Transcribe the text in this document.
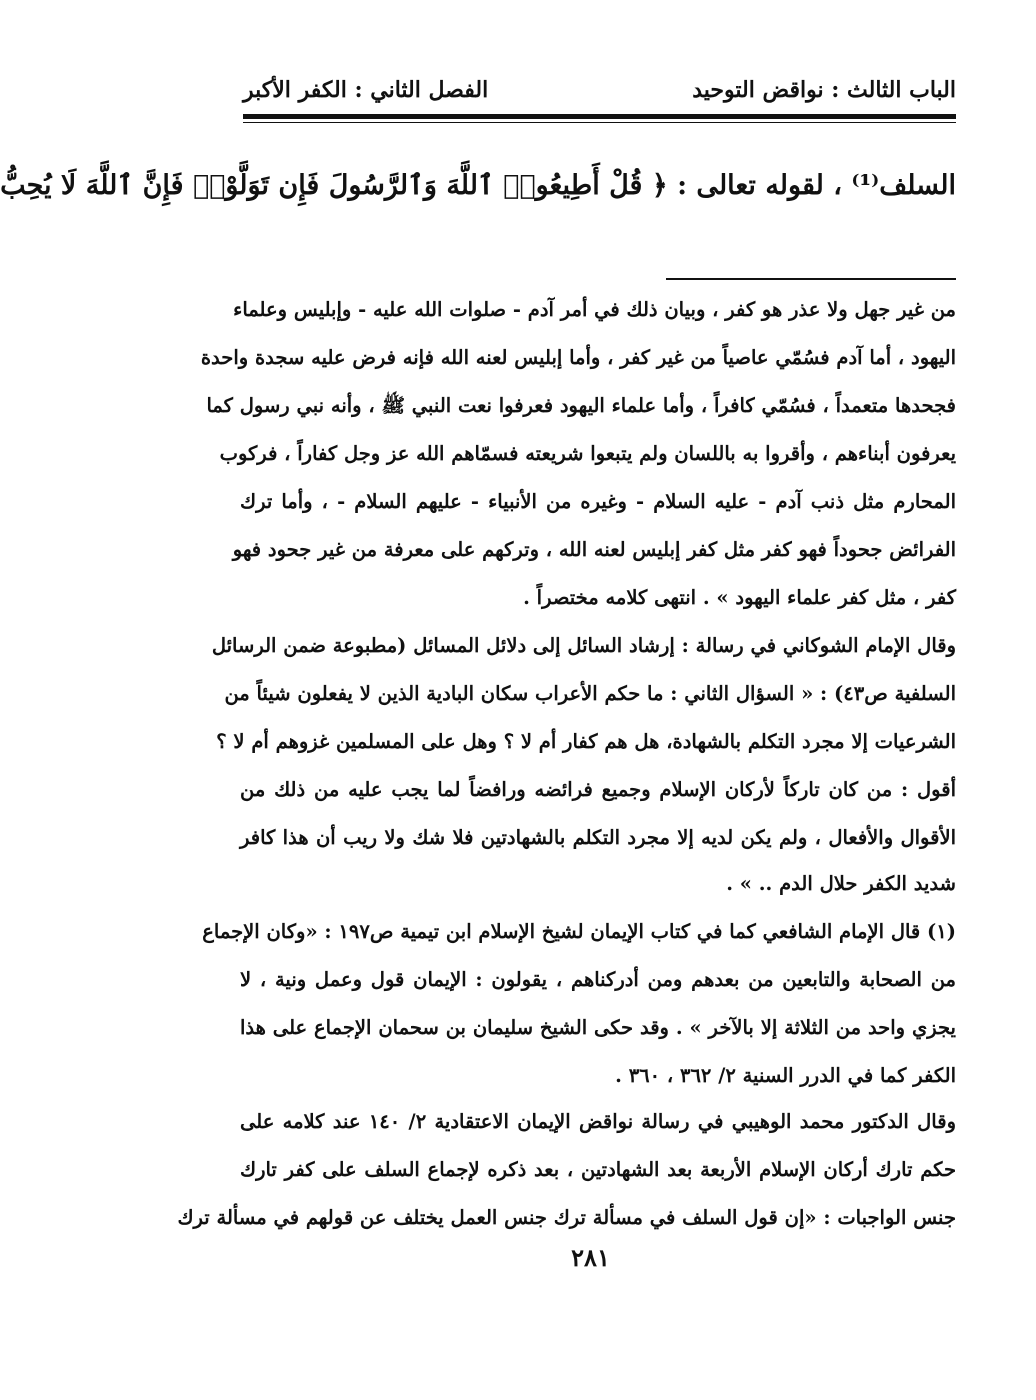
الباب الثالث : نواقض التوحيد
الفصل الثاني : الكفر الأكبر
السلف⁽¹⁾ ، لقوله تعالى : ﴿ قُلْ أَطِيعُوا۟ ٱللَّهَ وَٱلرَّسُولَ فَإِن تَوَلَّوْا۟ فَإِنَّ ٱللَّهَ لَا يُحِبُّ
من غير جهل ولا عذر هو كفر ، وبيان ذلك في أمر آدم - صلوات الله عليه - وإبليس وعلماء
اليهود ، أما آدم فسُمّي عاصياً من غير كفر ، وأما إبليس لعنه الله فإنه فرض عليه سجدة واحدة
فجحدها متعمداً ، فسُمّي كافراً ، وأما علماء اليهود فعرفوا نعت النبي ﷺ ، وأنه نبي رسول كما
يعرفون أبناءهم ، وأقروا به باللسان ولم يتبعوا شريعته فسمّاهم الله عز وجل كفاراً ، فركوب
المحارم مثل ذنب آدم - عليه السلام - وغيره من الأنبياء - عليهم السلام - ، وأما ترك
الفرائض جحوداً فهو كفر مثل كفر إبليس لعنه الله ، وتركهم على معرفة من غير جحود فهو
كفر ، مثل كفر علماء اليهود » . انتهى كلامه مختصراً .
وقال الإمام الشوكاني في رسالة : إرشاد السائل إلى دلائل المسائل (مطبوعة ضمن الرسائل
السلفية ص٤٣) : « السؤال الثاني : ما حكم الأعراب سكان البادية الذين لا يفعلون شيئاً من
الشرعيات إلا مجرد التكلم بالشهادة، هل هم كفار أم لا ؟ وهل على المسلمين غزوهم أم لا ؟
أقول : من كان تاركاً لأركان الإسلام وجميع فرائضه ورافضاً لما يجب عليه من ذلك من
الأقوال والأفعال ، ولم يكن لديه إلا مجرد التكلم بالشهادتين فلا شك ولا ريب أن هذا كافر
شديد الكفر حلال الدم .. » .
(١) قال الإمام الشافعي كما في كتاب الإيمان لشيخ الإسلام ابن تيمية ص١٩٧ : «وكان الإجماع
من الصحابة والتابعين من بعدهم ومن أدركناهم ، يقولون : الإيمان قول وعمل ونية ، لا
يجزي واحد من الثلاثة إلا بالآخر » . وقد حكى الشيخ سليمان بن سحمان الإجماع على هذا
الكفر كما في الدرر السنية ٢/ ٣٦٢ ، ٣٦٠ .
وقال الدكتور محمد الوهيبي في رسالة نواقض الإيمان الاعتقادية ٢/ ١٤٠ عند كلامه على
حكم تارك أركان الإسلام الأربعة بعد الشهادتين ، بعد ذكره لإجماع السلف على كفر تارك
جنس الواجبات : «إن قول السلف في مسألة ترك جنس العمل يختلف عن قولهم في مسألة ترك
٢٨١
